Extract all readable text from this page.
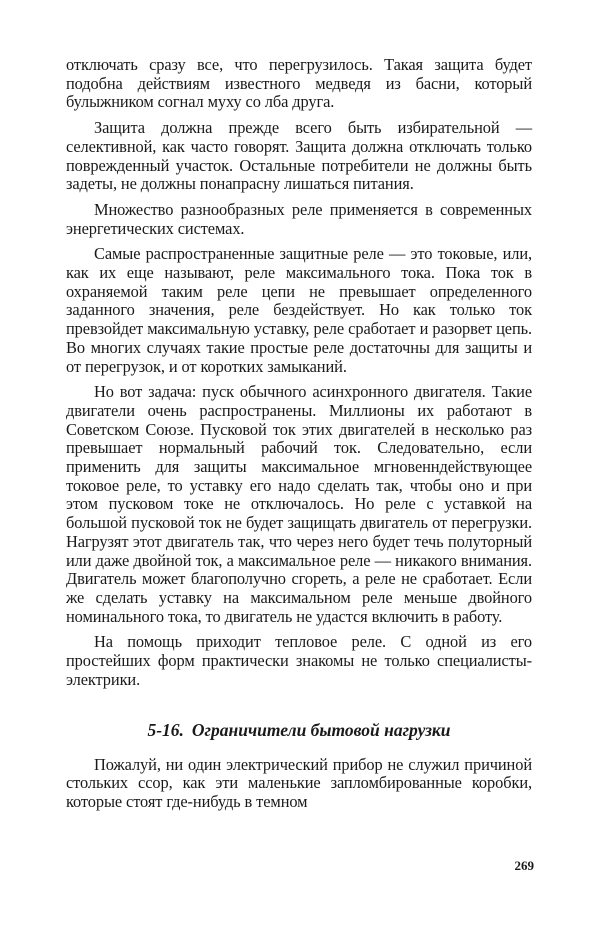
отключать сразу все, что перегрузилось. Такая защита будет подобна действиям известного медведя из басни, который булыжником согнал муху со лба друга.

Защита должна прежде всего быть избирательной — селективной, как часто говорят. Защита должна отключать только поврежденный участок. Остальные потребители не должны быть задеты, не должны понапрасну лишаться питания.

Множество разнообразных реле применяется в современных энергетических системах.

Самые распространенные защитные реле — это токовые, или, как их еще называют, реле максимального тока. Пока ток в охраняемой таким реле цепи не превышает определенного заданного значения, реле бездействует. Но как только ток превзойдет максимальную уставку, реле сработает и разорвет цепь. Во многих случаях такие простые реле достаточны для защиты и от перегрузок, и от коротких замыканий.

Но вот задача: пуск обычного асинхронного двигателя. Такие двигатели очень распространены. Миллионы их работают в Советском Союзе. Пусковой ток этих двигателей в несколько раз превышает нормальный рабочий ток. Следовательно, если применить для защиты максимальное мгновенндействующее токовое реле, то уставку его надо сделать так, чтобы оно и при этом пусковом токе не отключалось. Но реле с уставкой на большой пусковой ток не будет защищать двигатель от перегрузки. Нагрузят этот двигатель так, что через него будет течь полуторный или даже двойной ток, а максимальное реле — никакого внимания. Двигатель может благополучно сгореть, а реле не сработает. Если же сделать уставку на максимальном реле меньше двойного номинального тока, то двигатель не удастся включить в работу.

На помощь приходит тепловое реле. С одной из его простейших форм практически знакомы не только специалисты-электрики.

5-16. Ограничители бытовой нагрузки

Пожалуй, ни один электрический прибор не служил причиной стольких ссор, как эти маленькие запломбированные коробки, которые стоят где-нибудь в темном

269
